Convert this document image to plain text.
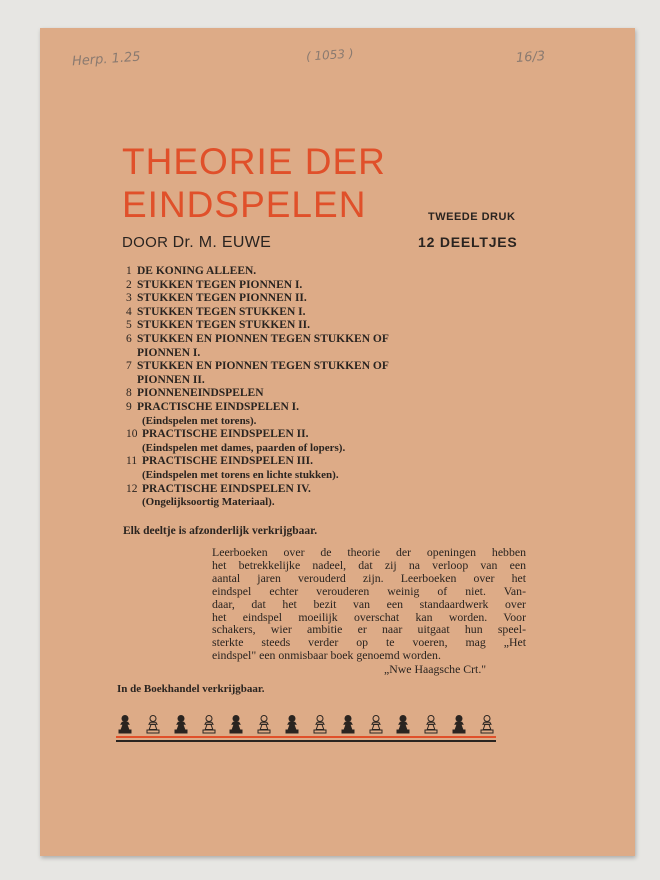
Herp. 1.25	( 1053 )	16/3
THEORIE DER
EINDSPELEN	TWEEDE DRUK
DOOR Dr. M. EUWE	12 DEELTJES
1 DE KONING ALLEEN.
2 STUKKEN TEGEN PIONNEN I.
3 STUKKEN TEGEN PIONNEN II.
4 STUKKEN TEGEN STUKKEN I.
5 STUKKEN TEGEN STUKKEN II.
6 STUKKEN EN PIONNEN TEGEN STUKKEN OF
PIONNEN I.
7 STUKKEN EN PIONNEN TEGEN STUKKEN OF
PIONNEN II.
8 PIONNENEINDSPELEN
9 PRACTISCHE EINDSPELEN I.
(Eindspelen met torens).
10 PRACTISCHE EINDSPELEN II.
(Eindspelen met dames, paarden of lopers).
11 PRACTISCHE EINDSPELEN III.
(Eindspelen met torens en lichte stukken).
12 PRACTISCHE EINDSPELEN IV.
(Ongelijksoortig Materiaal).
Elk deeltje is afzonderlijk verkrijgbaar.
Leerboeken over de theorie der openingen hebben
het betrekkelijke nadeel, dat zij na verloop van een
aantal jaren verouderd zijn. Leerboeken over het
eindspel echter verouderen weinig of niet. Van-
daar, dat het bezit van een standaardwerk over
het eindspel moeilijk overschat kan worden. Voor
schakers, wier ambitie er naar uitgaat hun speel-
sterkte steeds verder op te voeren, mag „Het
eindspel" een onmisbaar boek genoemd worden.
„Nwe Haagsche Crt."
In de Boekhandel verkrijgbaar.
